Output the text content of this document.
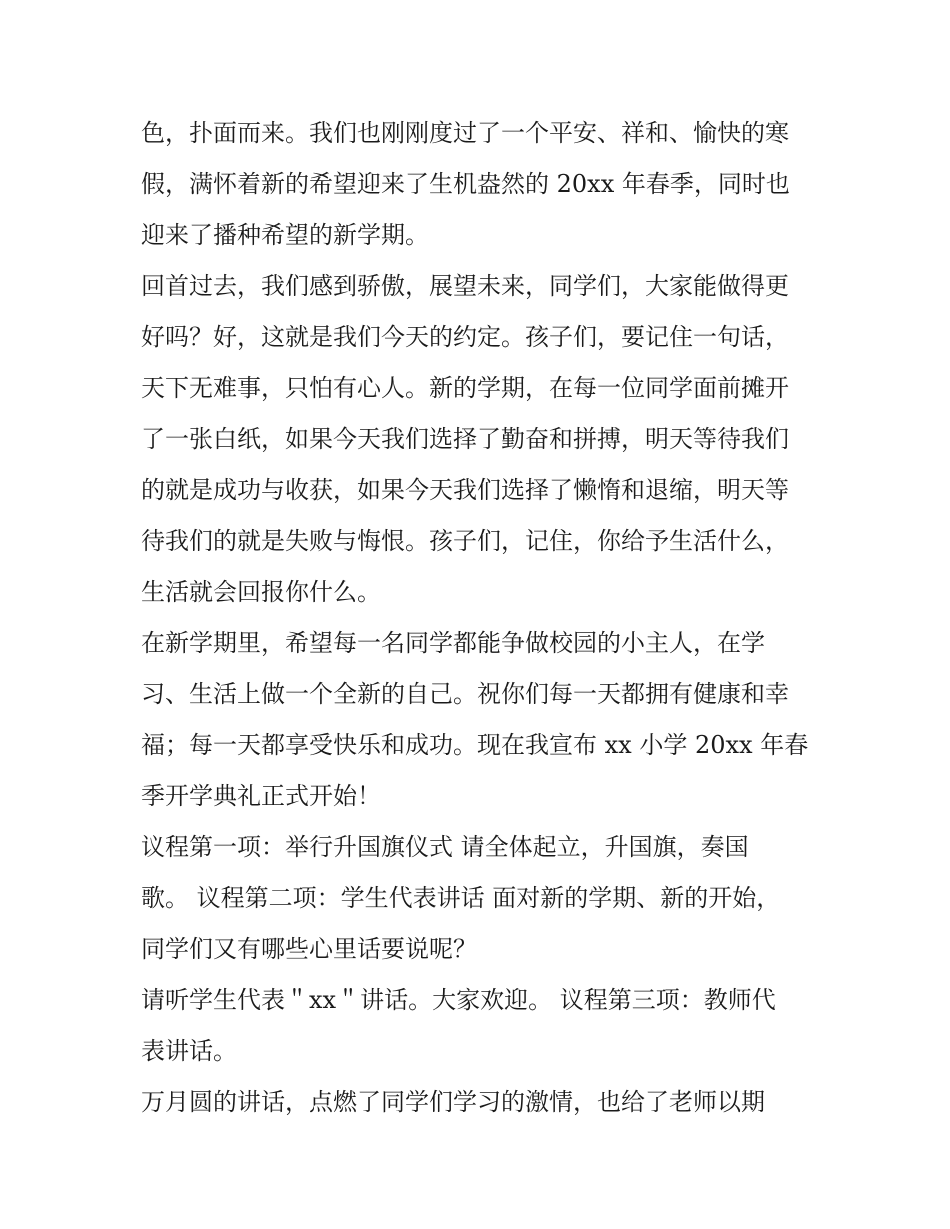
色，扑面而来。我们也刚刚度过了一个平安、祥和、愉快的寒
假，满怀着新的希望迎来了生机盎然的 20xx 年春季，同时也
迎来了播种希望的新学期。
回首过去，我们感到骄傲，展望未来，同学们，大家能做得更
好吗？好，这就是我们今天的约定。孩子们，要记住一句话，
天下无难事，只怕有心人。新的学期，在每一位同学面前摊开
了一张白纸，如果今天我们选择了勤奋和拼搏，明天等待我们
的就是成功与收获，如果今天我们选择了懒惰和退缩，明天等
待我们的就是失败与悔恨。孩子们，记住，你给予生活什么，
生活就会回报你什么。
在新学期里，希望每一名同学都能争做校园的小主人，在学
习、生活上做一个全新的自己。祝你们每一天都拥有健康和幸
福；每一天都享受快乐和成功。现在我宣布 xx 小学 20xx 年春
季开学典礼正式开始！
议程第一项：举行升国旗仪式 请全体起立，升国旗，奏国
歌。 议程第二项：学生代表讲话 面对新的学期、新的开始，
同学们又有哪些心里话要说呢？
请听学生代表＂xx＂讲话。大家欢迎。 议程第三项：教师代
表讲话。
万月圆的讲话，点燃了同学们学习的激情，也给了老师以期
